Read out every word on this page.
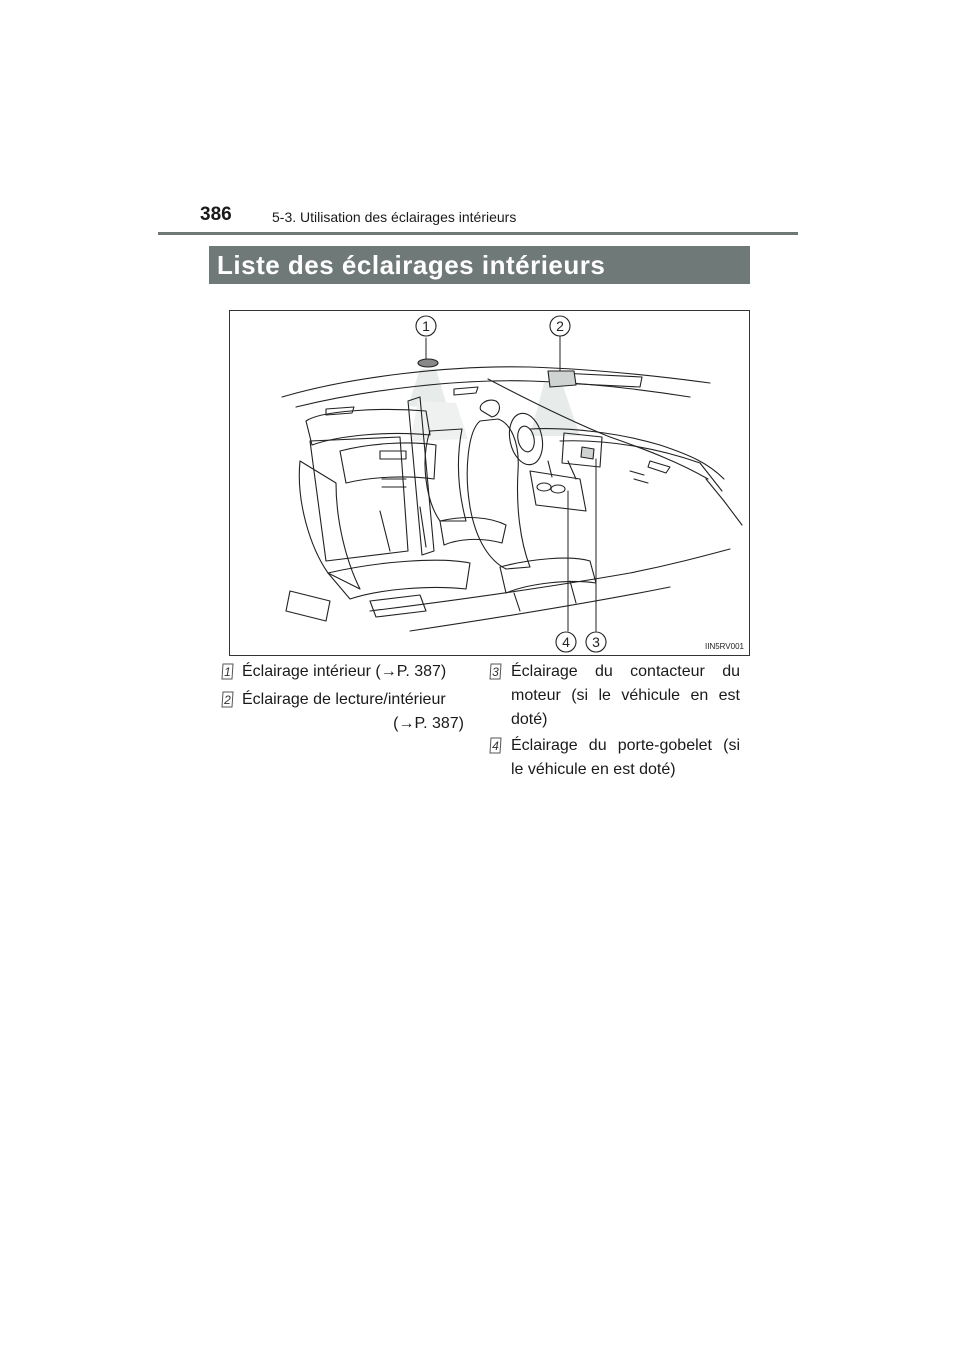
386	5-3. Utilisation des éclairages intérieurs
Liste des éclairages intérieurs
1	2
4 3	IIN5RV001
1 Éclairage intérieur (→P. 387)
2 Éclairage de lecture/intérieur
(→P. 387)
3 Éclairage du contacteur du
moteur (si le véhicule en est
doté)
4 Éclairage du porte-gobelet (si
le véhicule en est doté)
